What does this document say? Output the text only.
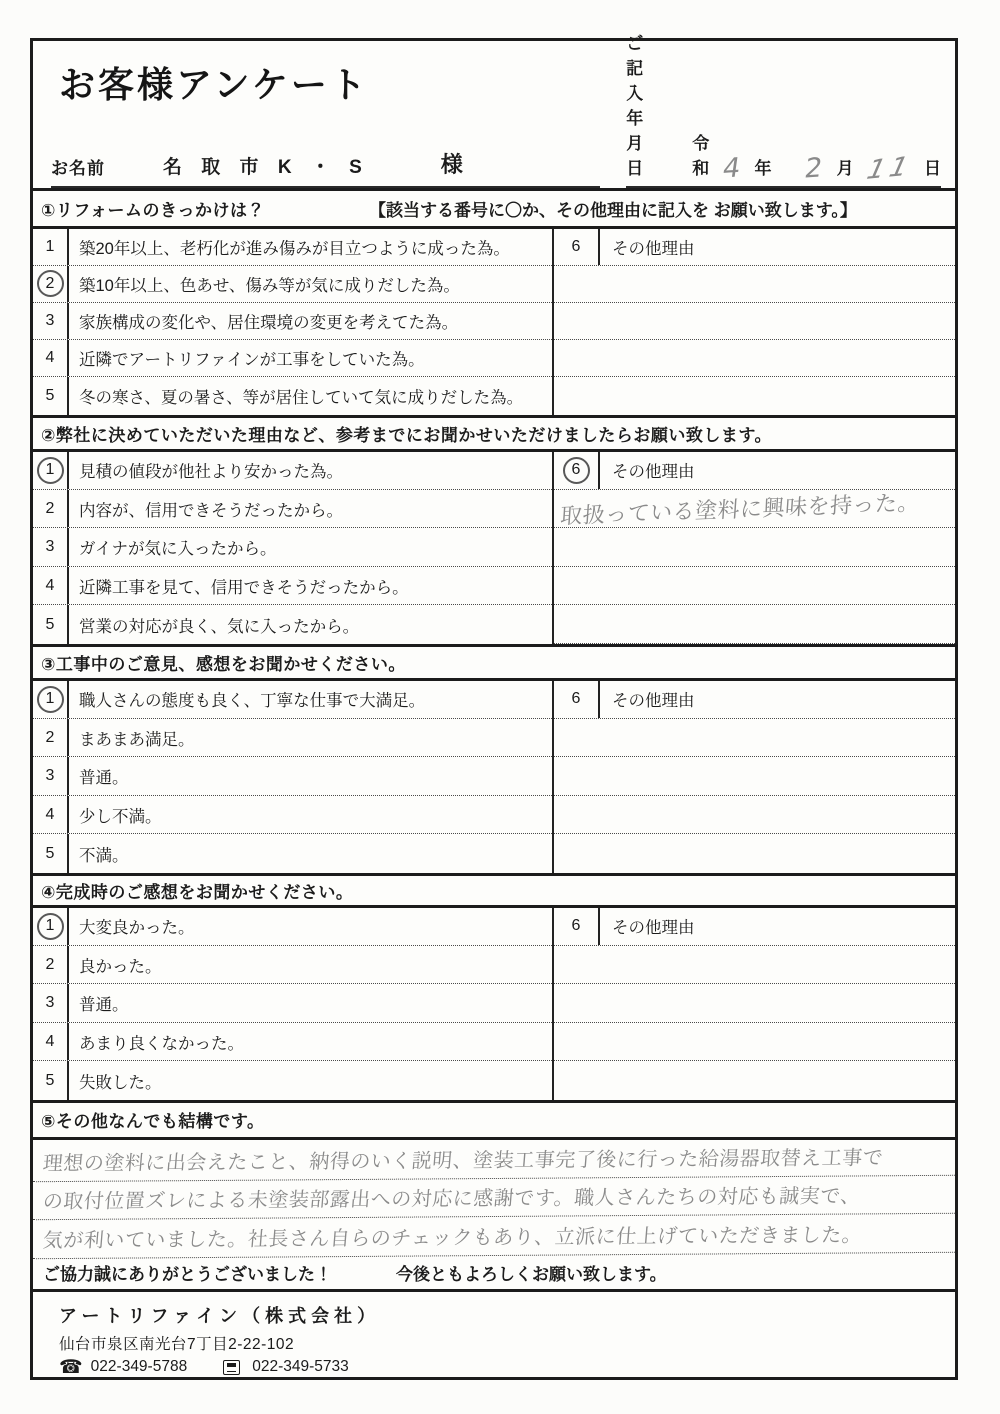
お客様アンケート
お名前	名 取 市 K ・ S	様
ご記入年月日
令和 4 年 2 月 11 日
①リフォームのきっかけは？	【該当する番号に〇か、その他理由に記入を お願い致します。】
1	築20年以上、老朽化が進み傷みが目立つように成った為。
2	築10年以上、色あせ、傷み等が気に成りだした為。
3	家族構成の変化や、居住環境の変更を考えてた為。
4	近隣でアートリファインが工事をしていた為。
5	冬の寒さ、夏の暑さ、等が居住していて気に成りだした為。
6	その他理由
②弊社に決めていただいた理由など、参考までにお聞かせいただけましたらお願い致します。
1	見積の値段が他社より安かった為。
2	内容が、信用できそうだったから。
3	ガイナが気に入ったから。
4	近隣工事を見て、信用できそうだったから。
5	営業の対応が良く、気に入ったから。
6	その他理由
取扱っている塗料に興味を持った。
③工事中のご意見、感想をお聞かせください。
1	職人さんの態度も良く、丁寧な仕事で大満足。
2	まあまあ満足。
3	普通。
4	少し不満。
5	不満。
6	その他理由
④完成時のご感想をお聞かせください。
1	大変良かった。
2	良かった。
3	普通。
4	あまり良くなかった。
5	失敗した。
6	その他理由
⑤その他なんでも結構です。
理想の塗料に出会えたこと、納得のいく説明、塗装工事完了後に行った給湯器取替え工事で
の取付位置ズレによる未塗装部露出への対応に感謝です。職人さんたちの対応も誠実で、
気が利いていました。社長さん自らのチェックもあり、立派に仕上げていただきました。
ご協力誠にありがとうございました！	今後ともよろしくお願い致します。
アートリファイン（株式会社）
仙台市泉区南光台7丁目2-22-102
☎ 022-349-5788	022-349-5733
